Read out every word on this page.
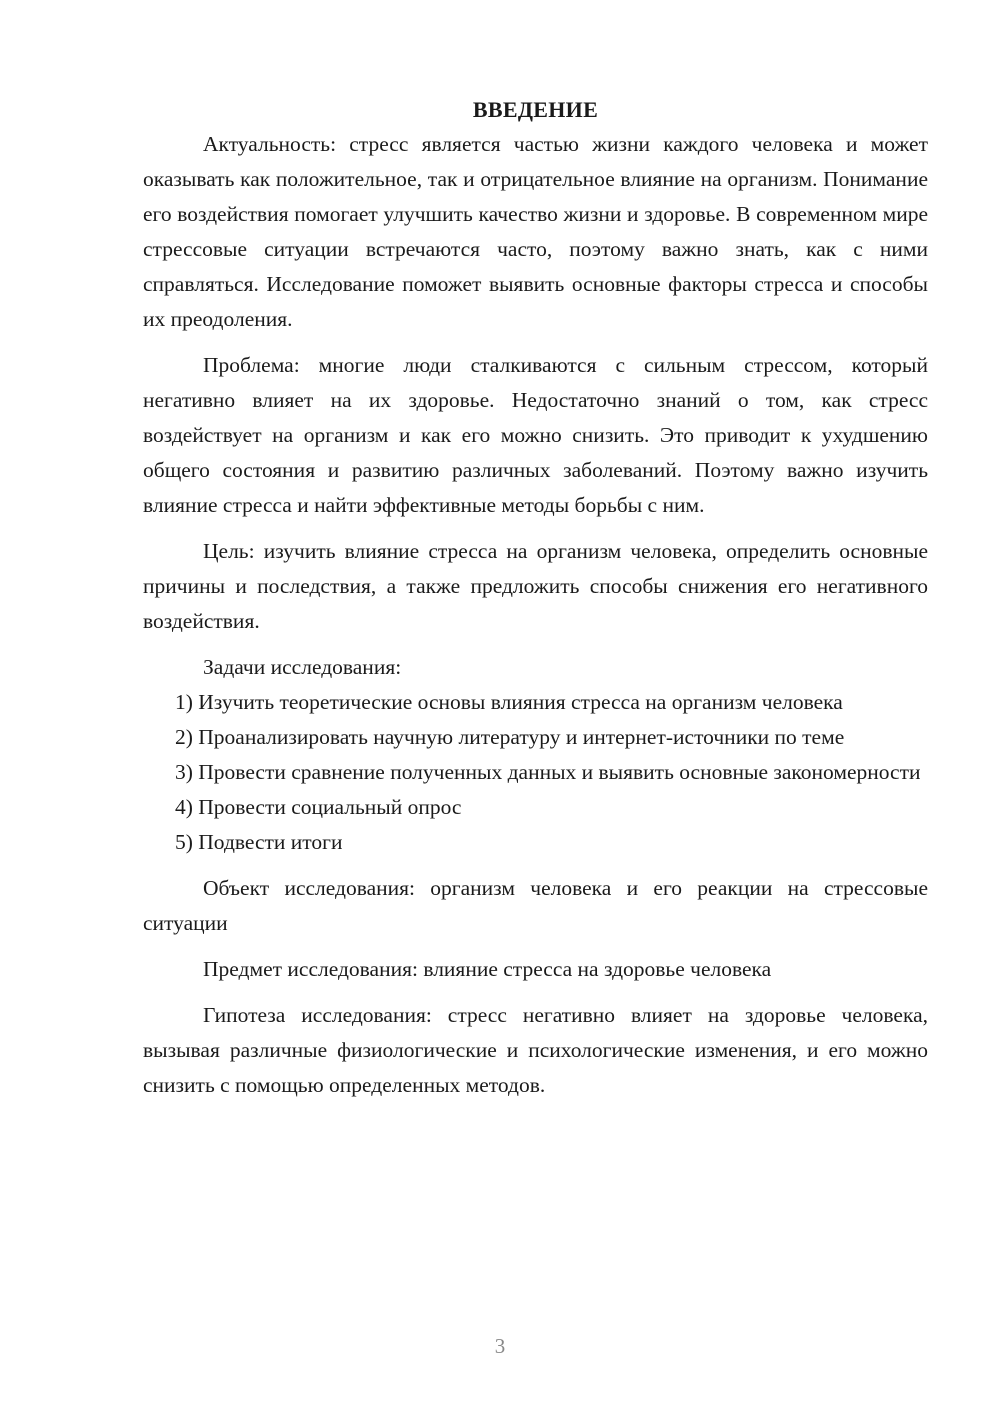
ВВЕДЕНИЕ

Актуальность: стресс является частью жизни каждого человека и может оказывать как положительное, так и отрицательное влияние на организм. Понимание его воздействия помогает улучшить качество жизни и здоровье. В современном мире стрессовые ситуации встречаются часто, поэтому важно знать, как с ними справляться. Исследование поможет выявить основные факторы стресса и способы их преодоления.

Проблема: многие люди сталкиваются с сильным стрессом, который негативно влияет на их здоровье. Недостаточно знаний о том, как стресс воздействует на организм и как его можно снизить. Это приводит к ухудшению общего состояния и развитию различных заболеваний. Поэтому важно изучить влияние стресса и найти эффективные методы борьбы с ним.

Цель: изучить влияние стресса на организм человека, определить основные причины и последствия, а также предложить способы снижения его негативного воздействия.

Задачи исследования:

1) Изучить теоретические основы влияния стресса на организм человека

2) Проанализировать научную литературу и интернет-источники по теме

3) Провести сравнение полученных данных и выявить основные закономерности

4) Провести социальный опрос

5) Подвести итоги

Объект исследования: организм человека и его реакции на стрессовые ситуации

Предмет исследования: влияние стресса на здоровье человека

Гипотеза исследования: стресс негативно влияет на здоровье человека, вызывая различные физиологические и психологические изменения, и его можно снизить с помощью определенных методов.

3
